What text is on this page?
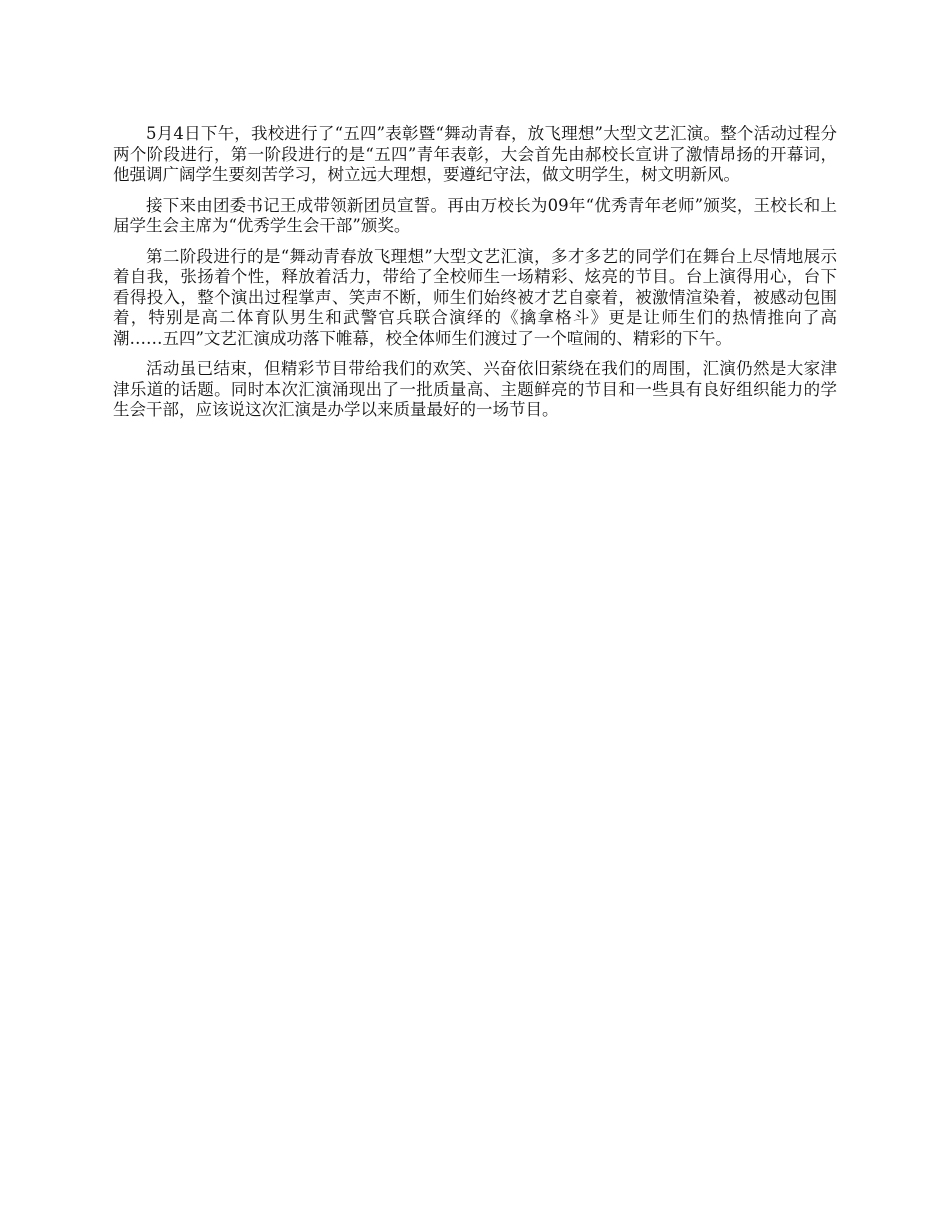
5月4日下午，我校进行了“五四”表彰暨“舞动青春，放飞理想”大型文艺汇演。整个活动过程分两个阶段进行，第一阶段进行的是“五四”青年表彰，大会首先由郝校长宣讲了激情昂扬的开幕词，他强调广阔学生要刻苦学习，树立远大理想，要遵纪守法，做文明学生，树文明新风。

接下来由团委书记王成带领新团员宣誓。再由万校长为09年“优秀青年老师”颁奖，王校长和上届学生会主席为“优秀学生会干部”颁奖。

第二阶段进行的是“舞动青春放飞理想”大型文艺汇演，多才多艺的同学们在舞台上尽情地展示着自我，张扬着个性，释放着活力，带给了全校师生一场精彩、炫亮的节目。台上演得用心，台下看得投入，整个演出过程掌声、笑声不断，师生们始终被才艺自豪着，被激情渲染着，被感动包围着，特别是高二体育队男生和武警官兵联合演绎的《擒拿格斗》更是让师生们的热情推向了高潮……五四”文艺汇演成功落下帷幕，校全体师生们渡过了一个喧闹的、精彩的下午。

活动虽已结束，但精彩节目带给我们的欢笑、兴奋依旧萦绕在我们的周围，汇演仍然是大家津津乐道的话题。同时本次汇演涌现出了一批质量高、主题鲜亮的节目和一些具有良好组织能力的学生会干部，应该说这次汇演是办学以来质量最好的一场节目。
